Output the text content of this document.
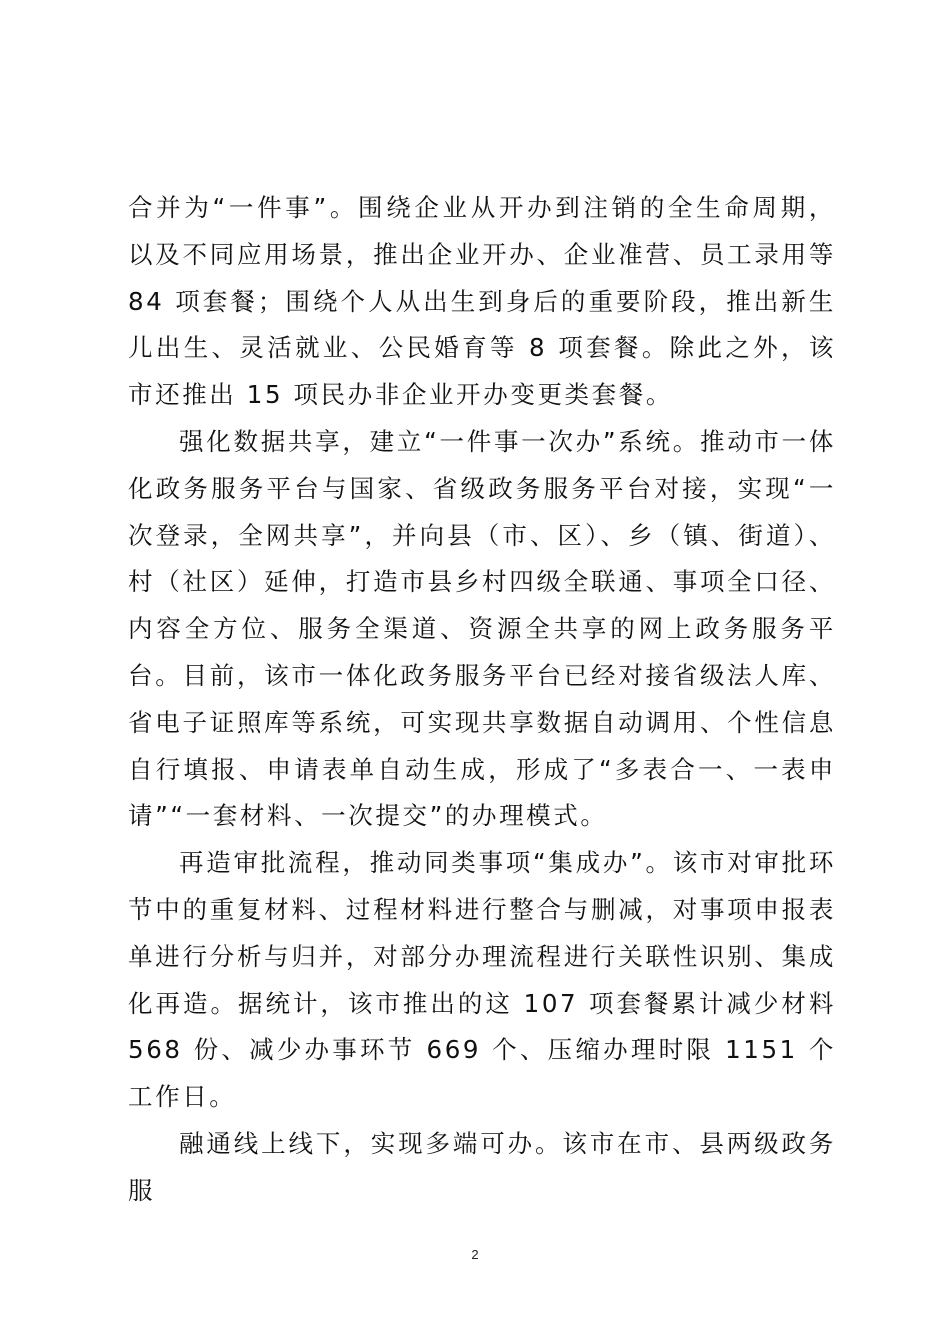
合并为“一件事”。围绕企业从开办到注销的全生命周期，以及不同应用场景，推出企业开办、企业准营、员工录用等 84 项套餐；围绕个人从出生到身后的重要阶段，推出新生儿出生、灵活就业、公民婚育等 8 项套餐。除此之外，该市还推出 15 项民办非企业开办变更类套餐。

强化数据共享，建立“一件事一次办”系统。推动市一体化政务服务平台与国家、省级政务服务平台对接，实现“一次登录，全网共享”，并向县（市、区）、乡（镇、街道）、村（社区）延伸，打造市县乡村四级全联通、事项全口径、内容全方位、服务全渠道、资源全共享的网上政务服务平台。目前，该市一体化政务服务平台已经对接省级法人库、省电子证照库等系统，可实现共享数据自动调用、个性信息自行填报、申请表单自动生成，形成了“多表合一、一表申请”“一套材料、一次提交”的办理模式。

再造审批流程，推动同类事项“集成办”。该市对审批环节中的重复材料、过程材料进行整合与删减，对事项申报表单进行分析与归并，对部分办理流程进行关联性识别、集成化再造。据统计，该市推出的这 107 项套餐累计减少材料 568 份、减少办事环节 669 个、压缩办理时限 1151 个工作日。

融通线上线下，实现多端可办。该市在市、县两级政务服

2
